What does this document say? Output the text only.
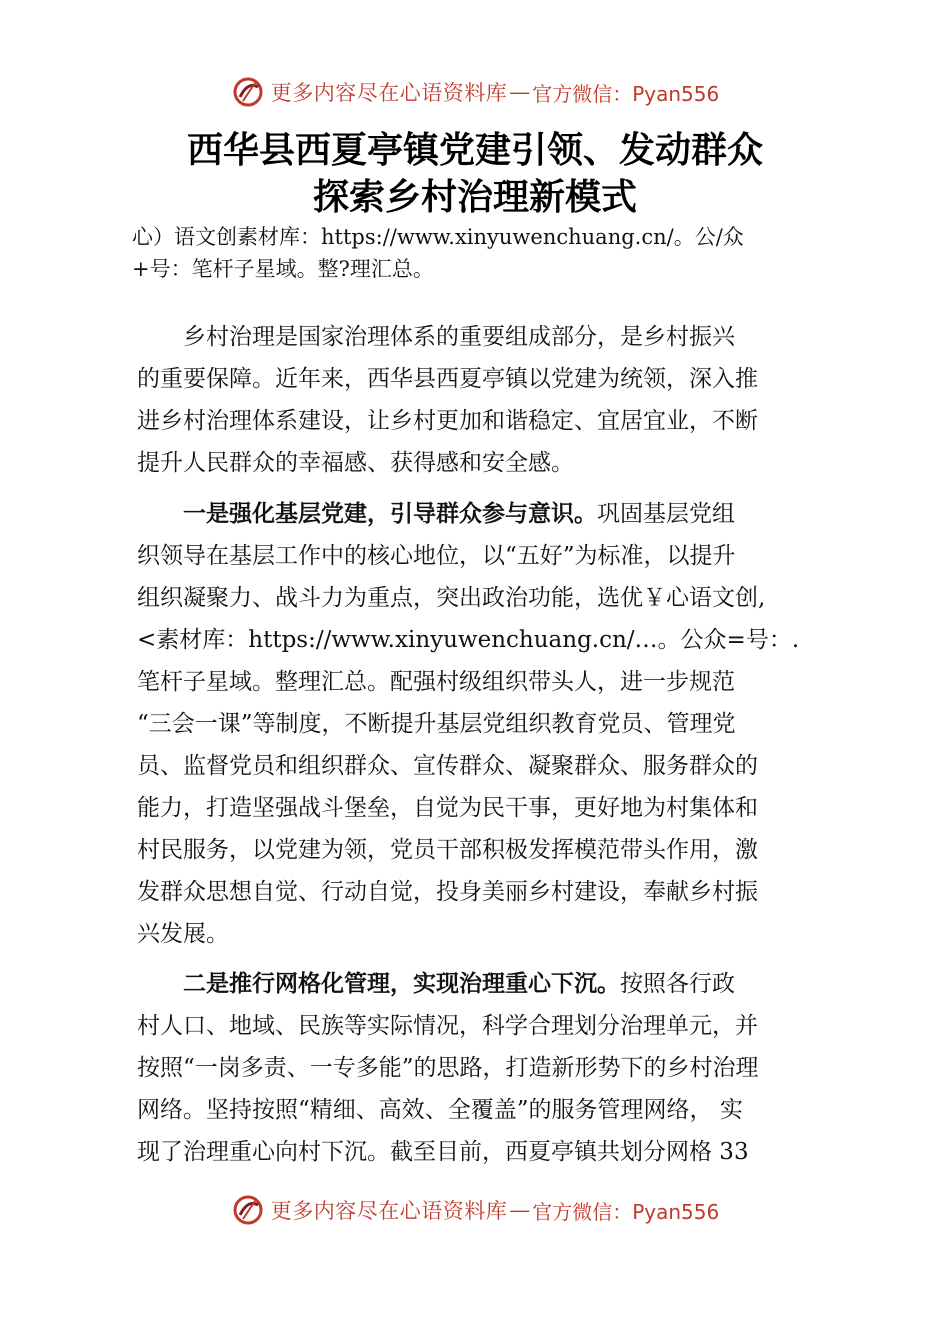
更多内容尽在心语资料库 — 官方微信：Pyan556
西华县西夏亭镇党建引领、发动群众
探索乡村治理新模式
心）语文创素材库：https://www.xinyuwenchuang.cn/。公/众
+号：笔杆子星域。整?理汇总。
乡村治理是国家治理体系的重要组成部分，是乡村振兴
的重要保障。近年来，西华县西夏亭镇以党建为统领，深入推
进乡村治理体系建设，让乡村更加和谐稳定、宜居宜业，不断
提升人民群众的幸福感、获得感和安全感。
一是强化基层党建，引导群众参与意识。巩固基层党组
织领导在基层工作中的核心地位，以“五好”为标准，以提升
组织凝聚力、战斗力为重点，突出政治功能，选优￥心语文创,
<素材库：https://www.xinyuwenchuang.cn/…。公众=号：.
笔杆子星域。整理汇总。配强村级组织带头人，进一步规范
“三会一课”等制度，不断提升基层党组织教育党员、管理党
员、监督党员和组织群众、宣传群众、凝聚群众、服务群众的
能力，打造坚强战斗堡垒，自觉为民干事，更好地为村集体和
村民服务，以党建为领，党员干部积极发挥模范带头作用，激
发群众思想自觉、行动自觉，投身美丽乡村建设，奉献乡村振
兴发展。
二是推行网格化管理，实现治理重心下沉。按照各行政
村人口、地域、民族等实际情况，科学合理划分治理单元，并
按照“一岗多责、一专多能”的思路，打造新形势下的乡村治理
网络。坚持按照“精细、高效、全覆盖”的服务管理网络， 实
现了治理重心向村下沉。截至目前，西夏亭镇共划分网格 33
更多内容尽在心语资料库 — 官方微信：Pyan556
